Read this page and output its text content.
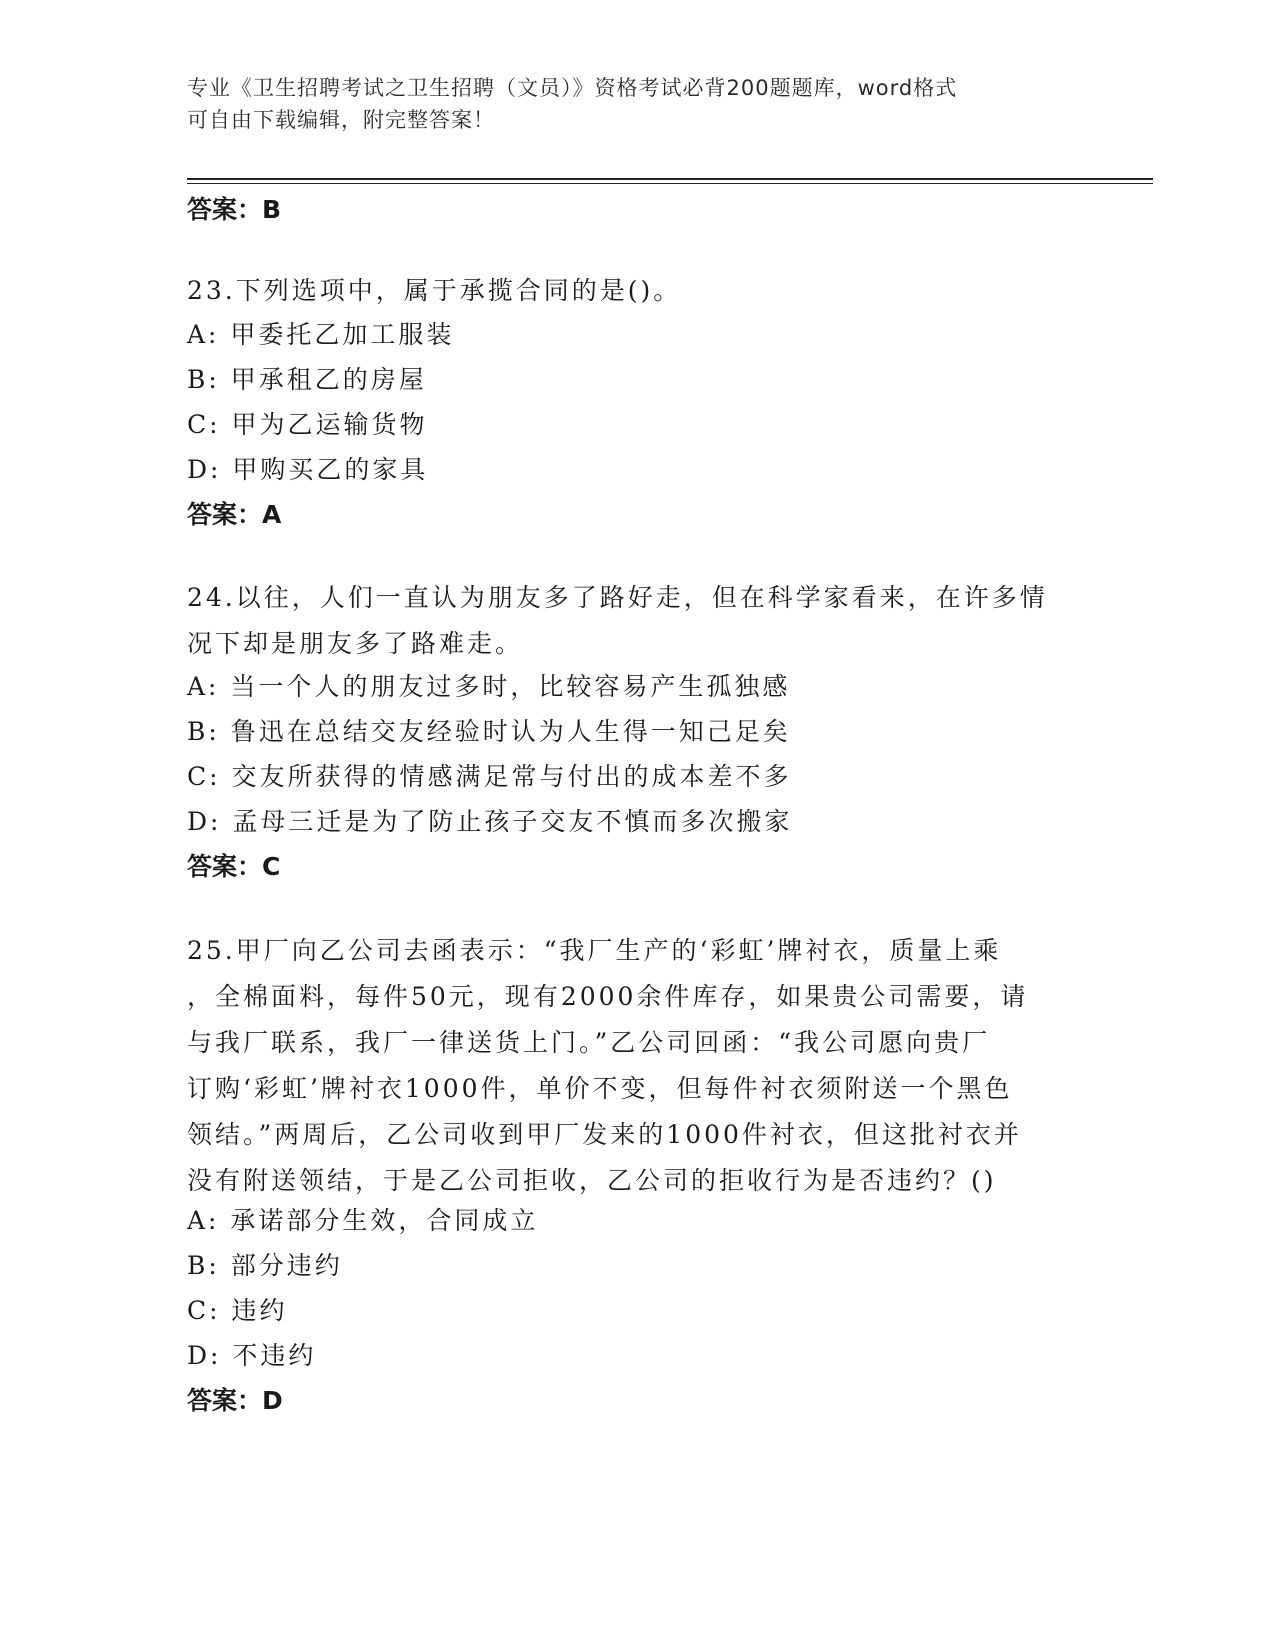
专业《卫生招聘考试之卫生招聘（文员）》资格考试必背200题题库，word格式
可自由下载编辑，附完整答案！
答案：B
23.下列选项中，属于承揽合同的是()。
A: 甲委托乙加工服装
B: 甲承租乙的房屋
C: 甲为乙运输货物
D: 甲购买乙的家具
答案：A
24.以往，人们一直认为朋友多了路好走，但在科学家看来，在许多情
况下却是朋友多了路难走。
A: 当一个人的朋友过多时，比较容易产生孤独感
B: 鲁迅在总结交友经验时认为人生得一知己足矣
C: 交友所获得的情感满足常与付出的成本差不多
D: 孟母三迁是为了防止孩子交友不慎而多次搬家
答案：C
25.甲厂向乙公司去函表示：“我厂生产的‘彩虹’牌衬衣，质量上乘
，全棉面料，每件50元，现有2000余件库存，如果贵公司需要，请
与我厂联系，我厂一律送货上门。”乙公司回函：“我公司愿向贵厂
订购‘彩虹’牌衬衣1000件，单价不变，但每件衬衣须附送一个黑色
领结。”两周后，乙公司收到甲厂发来的1000件衬衣，但这批衬衣并
没有附送领结，于是乙公司拒收，乙公司的拒收行为是否违约？()
A: 承诺部分生效，合同成立
B: 部分违约
C: 违约
D: 不违约
答案：D
